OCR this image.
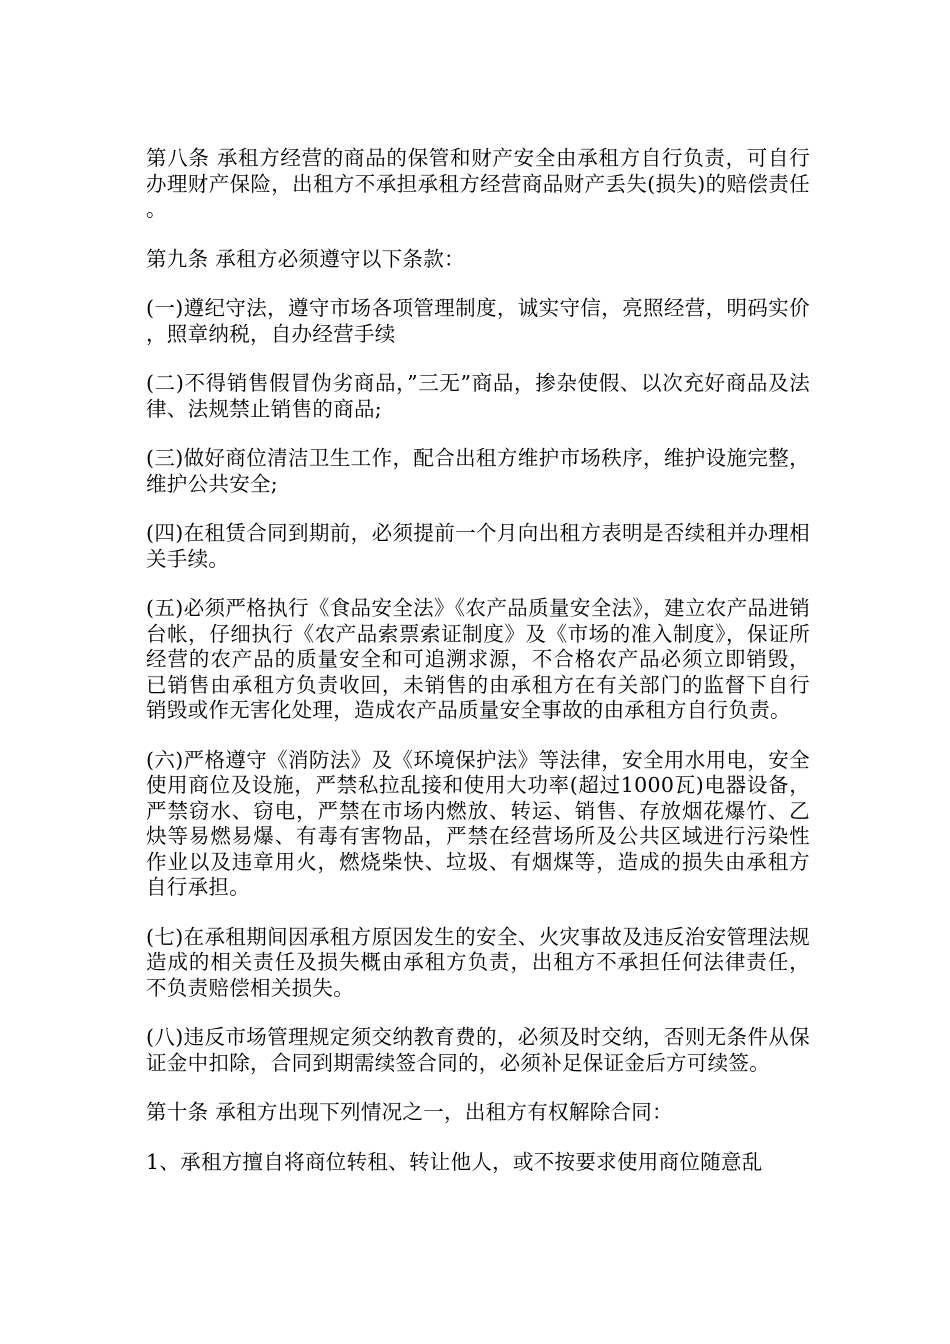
第八条 承租方经营的商品的保管和财产安全由承租方自行负责，可自行办理财产保险，出租方不承担承租方经营商品财产丢失(损失)的赔偿责任。

第九条 承租方必须遵守以下条款：

(一)遵纪守法，遵守市场各项管理制度，诚实守信，亮照经营，明码实价，照章纳税，自办经营手续

(二)不得销售假冒伪劣商品，”三无”商品，掺杂使假、以次充好商品及法律、法规禁止销售的商品;

(三)做好商位清洁卫生工作，配合出租方维护市场秩序，维护设施完整，维护公共安全;

(四)在租赁合同到期前，必须提前一个月向出租方表明是否续租并办理相关手续。

(五)必须严格执行《食品安全法》《农产品质量安全法》，建立农产品进销台帐，仔细执行《农产品索票索证制度》及《市场的准入制度》，保证所经营的农产品的质量安全和可追溯求源，不合格农产品必须立即销毁，已销售由承租方负责收回，未销售的由承租方在有关部门的监督下自行销毁或作无害化处理，造成农产品质量安全事故的由承租方自行负责。

(六)严格遵守《消防法》及《环境保护法》等法律，安全用水用电，安全使用商位及设施，严禁私拉乱接和使用大功率(超过1000瓦)电器设备，严禁窃水、窃电，严禁在市场内燃放、转运、销售、存放烟花爆竹、乙炔等易燃易爆、有毒有害物品，严禁在经营场所及公共区域进行污染性作业以及违章用火，燃烧柴快、垃圾、有烟煤等，造成的损失由承租方自行承担。

(七)在承租期间因承租方原因发生的安全、火灾事故及违反治安管理法规造成的相关责任及损失概由承租方负责，出租方不承担任何法律责任，不负责赔偿相关损失。

(八)违反市场管理规定须交纳教育费的，必须及时交纳，否则无条件从保证金中扣除，合同到期需续签合同的，必须补足保证金后方可续签。

第十条 承租方出现下列情况之一，出租方有权解除合同：

1、承租方擅自将商位转租、转让他人，或不按要求使用商位随意乱
